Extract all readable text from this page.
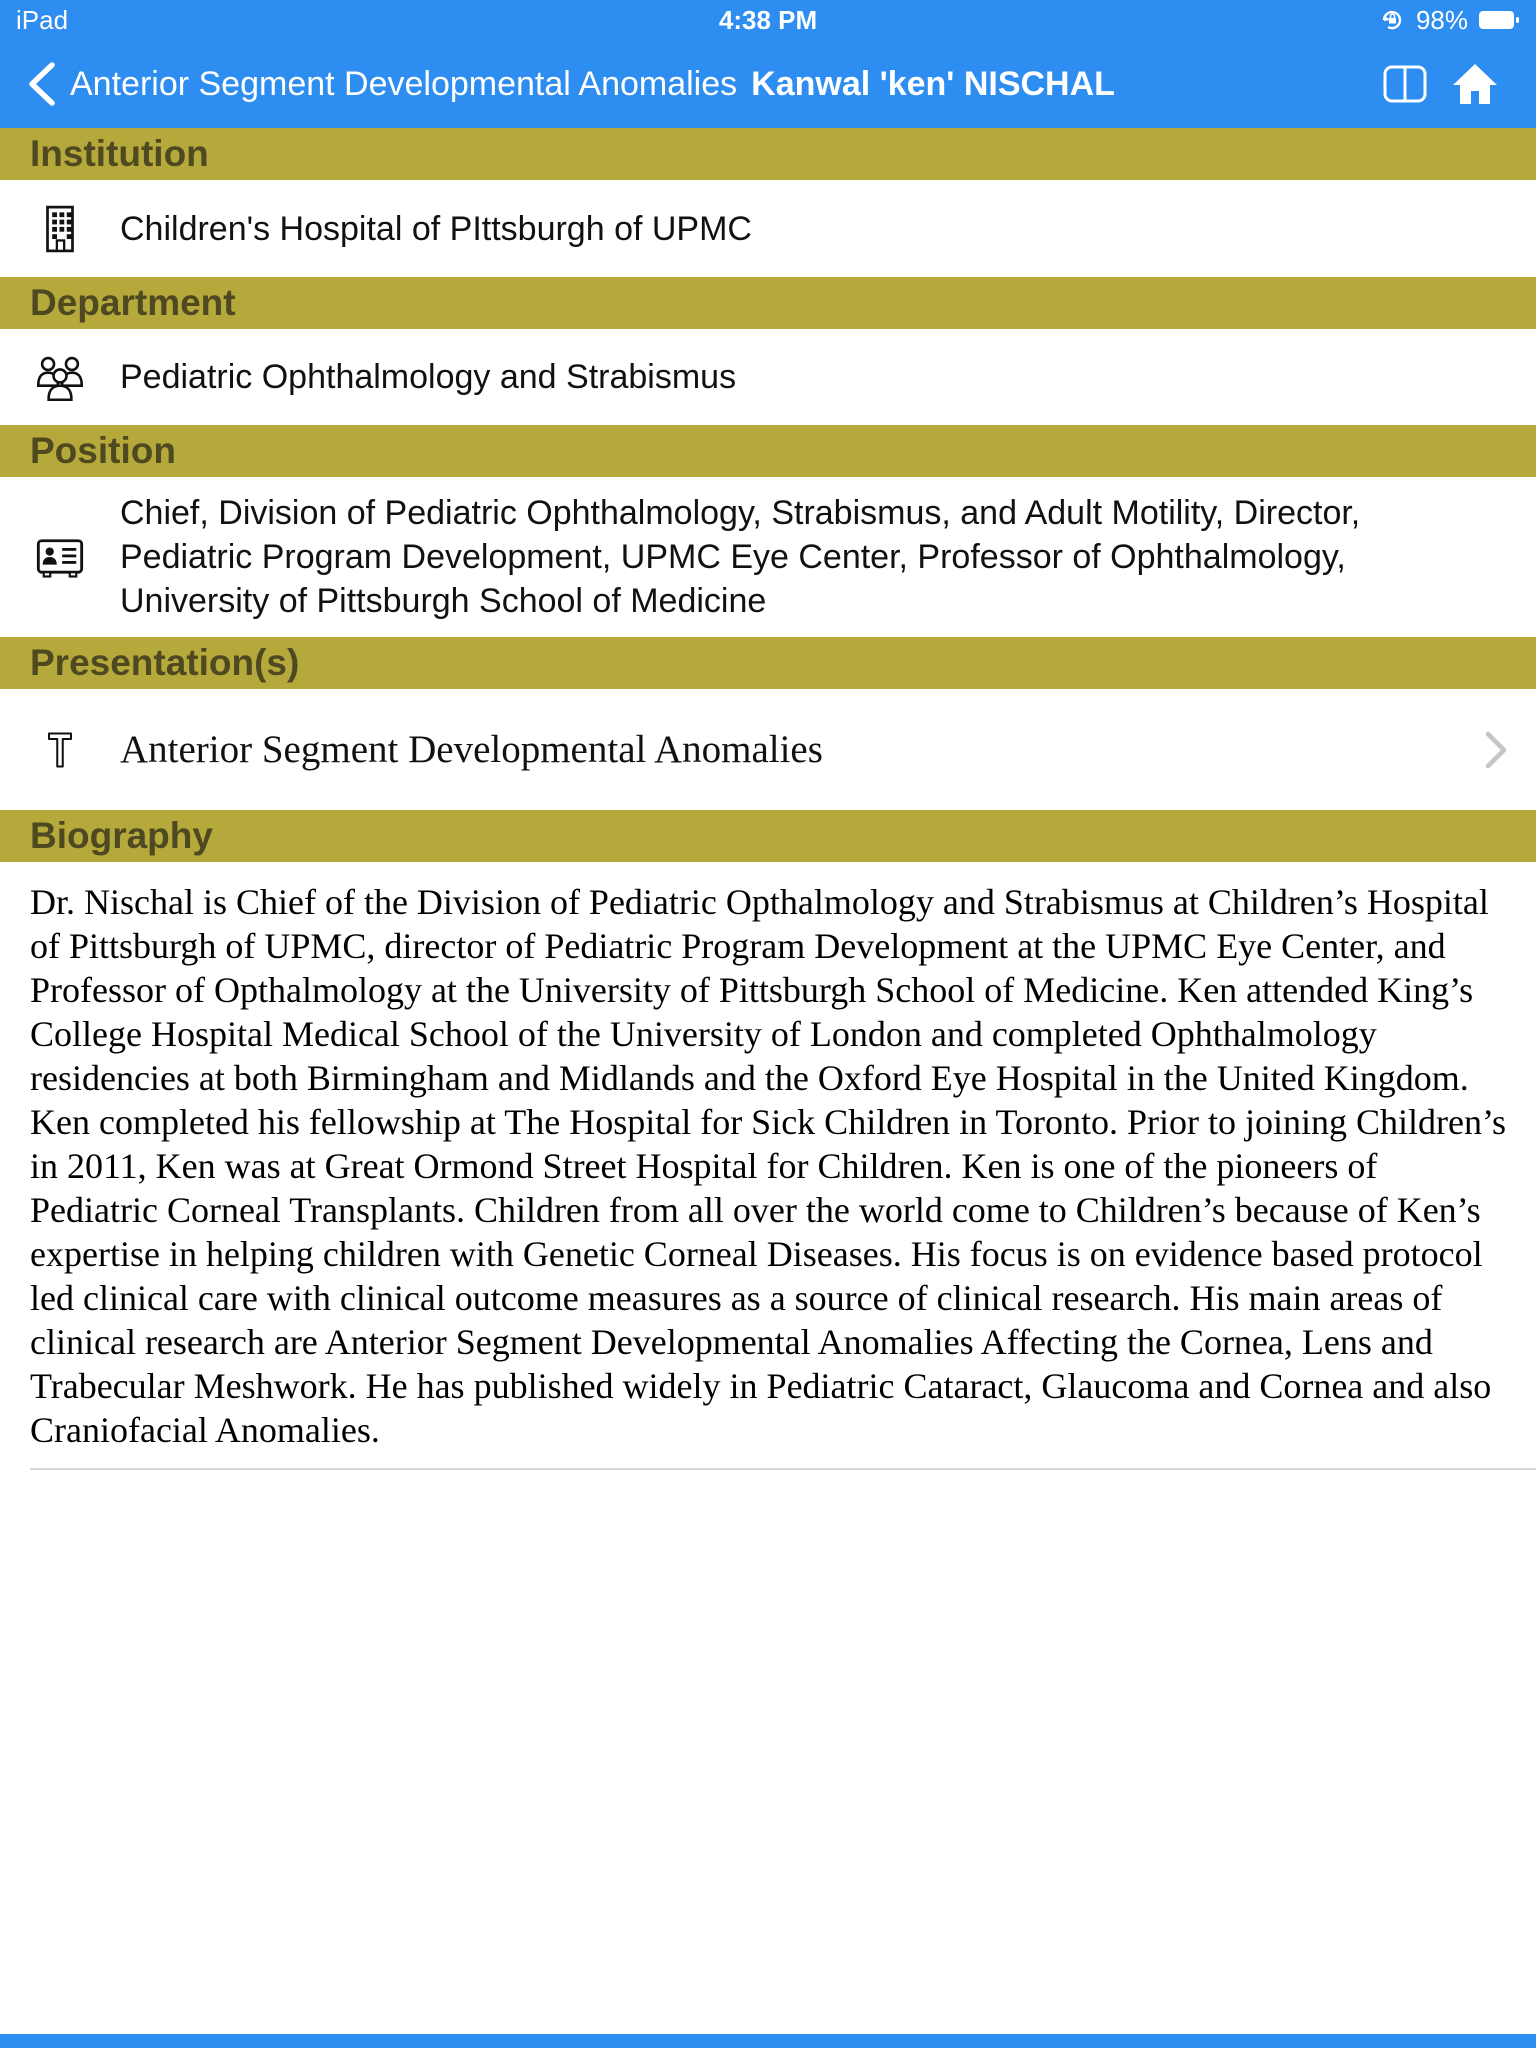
iPad	4:38 PM	98%
Anterior Segment Developmental Anomalies Kanwal 'ken' NISCHAL
Institution
Children's Hospital of PIttsburgh of UPMC
Department
Pediatric Ophthalmology and Strabismus
Position
Chief, Division of Pediatric Ophthalmology, Strabismus, and Adult Motility, Director, Pediatric Program Development, UPMC Eye Center, Professor of Ophthalmology, University of Pittsburgh School of Medicine
Presentation(s)
Anterior Segment Developmental Anomalies
Biography
Dr. Nischal is Chief of the Division of Pediatric Opthalmology and Strabismus at Children’s Hospital of Pittsburgh of UPMC, director of Pediatric Program Development at the UPMC Eye Center, and Professor of Opthalmology at the University of Pittsburgh School of Medicine. Ken attended King’s College Hospital Medical School of the University of London and completed Ophthalmology residencies at both Birmingham and Midlands and the Oxford Eye Hospital in the United Kingdom. Ken completed his fellowship at The Hospital for Sick Children in Toronto. Prior to joining Children’s in 2011, Ken was at Great Ormond Street Hospital for Children. Ken is one of the pioneers of Pediatric Corneal Transplants. Children from all over the world come to Children’s because of Ken’s expertise in helping children with Genetic Corneal Diseases. His focus is on evidence based protocol led clinical care with clinical outcome measures as a source of clinical research. His main areas of clinical research are Anterior Segment Developmental Anomalies Affecting the Cornea, Lens and Trabecular Meshwork. He has published widely in Pediatric Cataract, Glaucoma and Cornea and also Craniofacial Anomalies.
